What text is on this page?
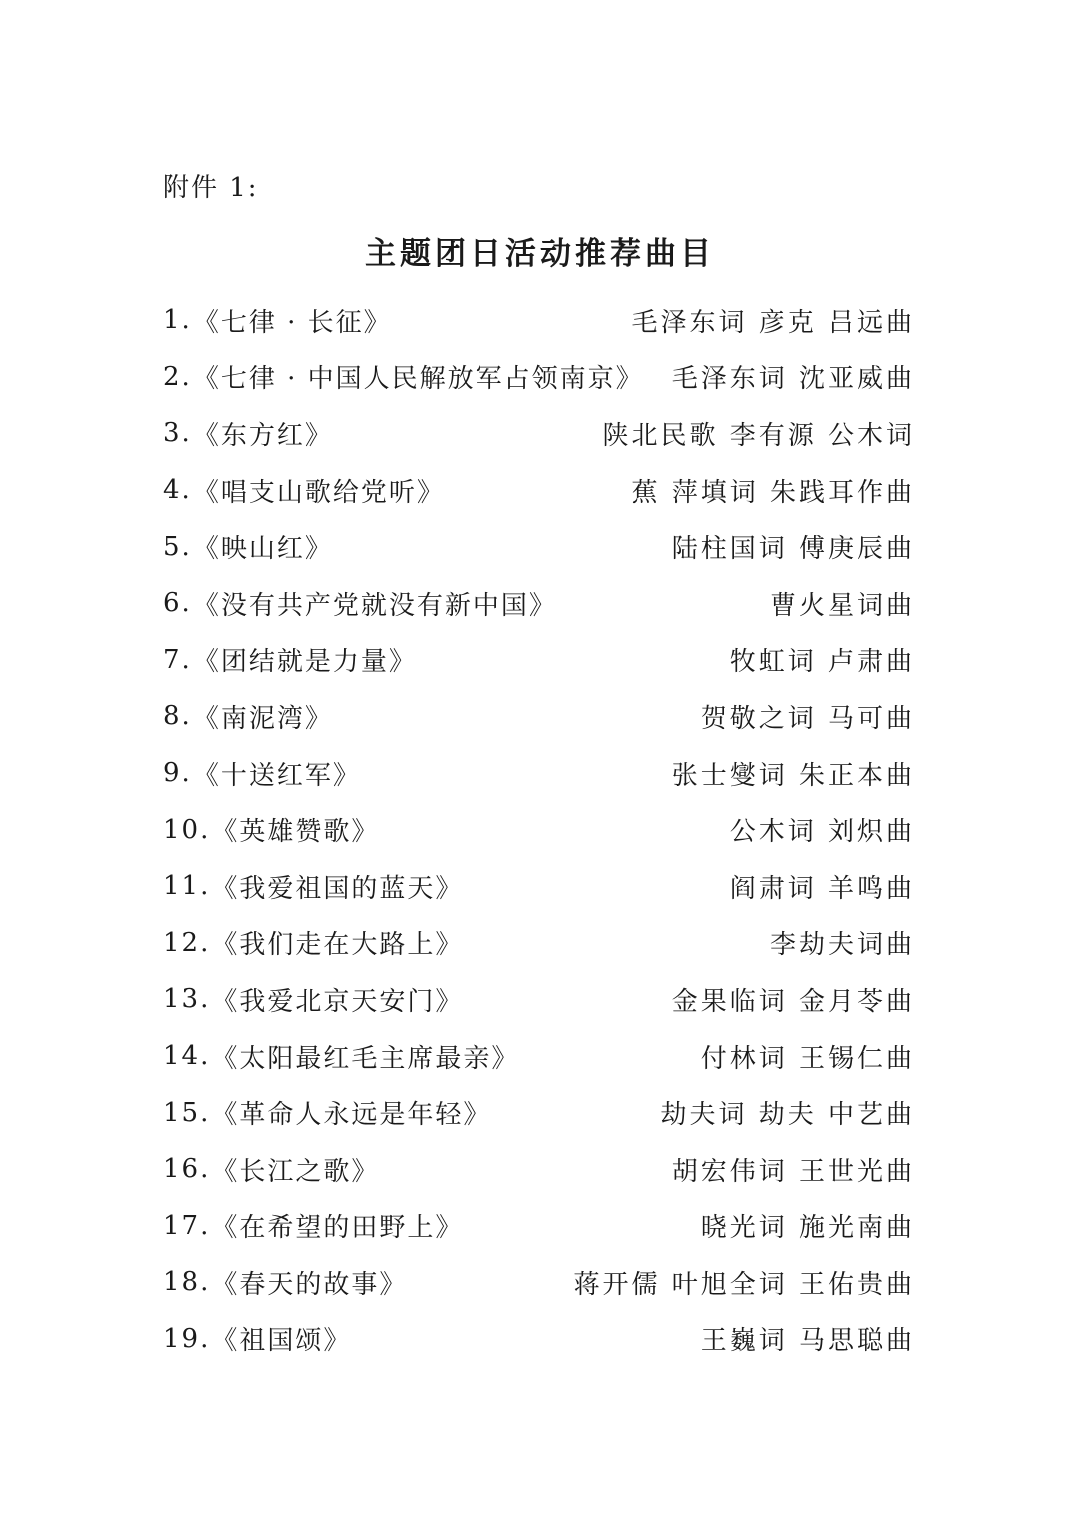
附件 1:
主题团日活动推荐曲目
1. 《七律 · 长征》	毛泽东词 彦克 吕远曲
2. 《七律 · 中国人民解放军占领南京》 毛泽东词 沈亚威曲
3. 《东方红》	陕北民歌 李有源 公木词
4. 《唱支山歌给党听》	蕉 萍填词 朱践耳作曲
5. 《映山红》	陆柱国词 傅庚辰曲
6. 《没有共产党就没有新中国》	曹火星词曲
7. 《团结就是力量》	牧虹词 卢肃曲
8. 《南泥湾》	贺敬之词 马可曲
9. 《十送红军》	张士燮词 朱正本曲
10. 《英雄赞歌》	公木词 刘炽曲
11. 《我爱祖国的蓝天》	阎肃词 羊鸣曲
12. 《我们走在大路上》	李劫夫词曲
13. 《我爱北京天安门》	金果临词 金月苓曲
14. 《太阳最红毛主席最亲》	付林词 王锡仁曲
15. 《革命人永远是年轻》	劫夫词 劫夫 中艺曲
16. 《长江之歌》	胡宏伟词 王世光曲
17. 《在希望的田野上》	晓光词 施光南曲
18. 《春天的故事》	蒋开儒 叶旭全词 王佑贵曲
19. 《祖国颂》	王巍词 马思聪曲
